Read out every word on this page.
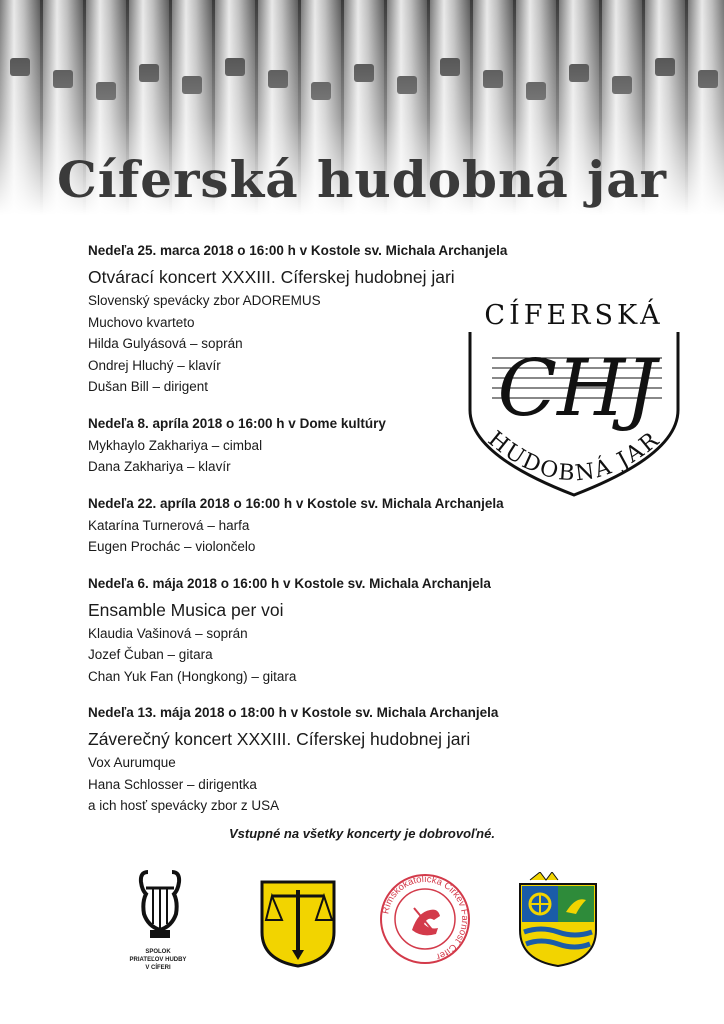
Cíferská hudobná jar
Nedeľa 25. marca 2018 o 16:00 h v Kostole sv. Michala Archanjela
Otvárací koncert XXXIII. Cíferskej hudobnej jari
Slovenský spevácky zbor ADOREMUS
Muchovo kvarteto
Hilda Gulyásová – soprán
Ondrej Hluchý – klavír
Dušan Bill – dirigent
Nedeľa 8. apríla 2018 o 16:00 h v Dome kultúry
Mykhaylo Zakhariya – cimbal
Dana Zakhariya – klavír
Nedeľa 22. apríla 2018 o 16:00 h v Kostole sv. Michala Archanjela
Katarína Turnerová – harfa
Eugen Prochác – violončelo
Nedeľa 6. mája 2018 o 16:00 h v Kostole sv. Michala Archanjela
Ensamble Musica per voi
Klaudia Vašinová – soprán
Jozef Čuban – gitara
Chan Yuk Fan (Hongkong) – gitara
Nedeľa 13. mája 2018 o 18:00 h v Kostole sv. Michala Archanjela
Záverečný koncert XXXIII. Cíferskej hudobnej jari
Vox Aurumque
Hana Schlosser – dirigentka
a ich hosť spevácky zbor z USA
CÍFERSKÁ
CHJ
HUDOBNÁ JAR
Vstupné na všetky koncerty je dobrovoľné.
SPOLOK
PRIATEĽOV HUDBY
V CÍFERI
Rímskokatolícka Cirkev Farnosť Cífer
